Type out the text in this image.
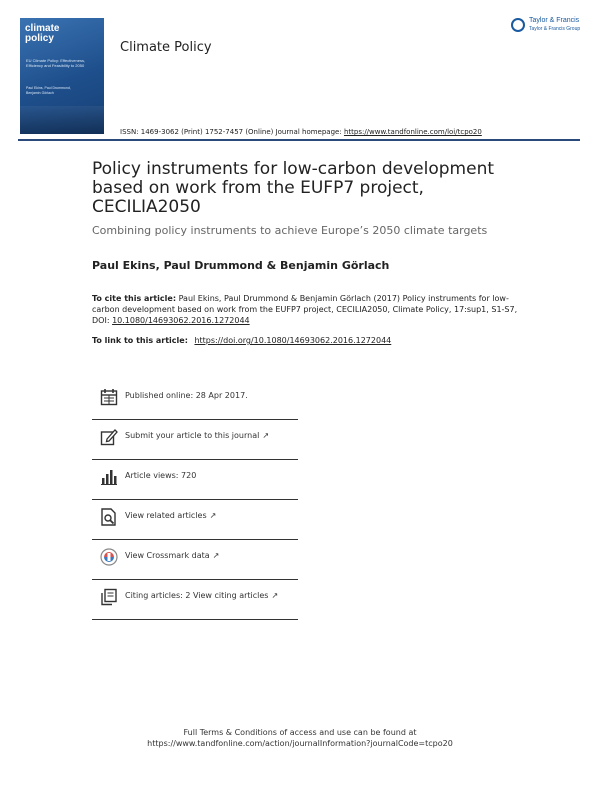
climate
policy
EU Climate Policy: Effectiveness, Efficiency and Feasibility to 2050
Paul Ekins, Paul Drummond, Benjamin Görlach
Climate Policy
Taylor & Francis
Taylor & Francis Group
ISSN: 1469-3062 (Print) 1752-7457 (Online) Journal homepage: https://www.tandfonline.com/loi/tcpo20
Policy instruments for low-carbon development based on work from the EUFP7 project, CECILIA2050
Combining policy instruments to achieve Europe’s 2050 climate targets
Paul Ekins, Paul Drummond & Benjamin Görlach
To cite this article: Paul Ekins, Paul Drummond & Benjamin Görlach (2017) Policy instruments for low-carbon development based on work from the EUFP7 project, CECILIA2050, Climate Policy, 17:sup1, S1-S7, DOI: 10.1080/14693062.2016.1272044
To link to this article: https://doi.org/10.1080/14693062.2016.1272044
Published online: 28 Apr 2017.
Submit your article to this journal ↗
Article views: 720
View related articles ↗
View Crossmark data ↗
Citing articles: 2 View citing articles ↗
Full Terms & Conditions of access and use can be found at
https://www.tandfonline.com/action/journalInformation?journalCode=tcpo20
